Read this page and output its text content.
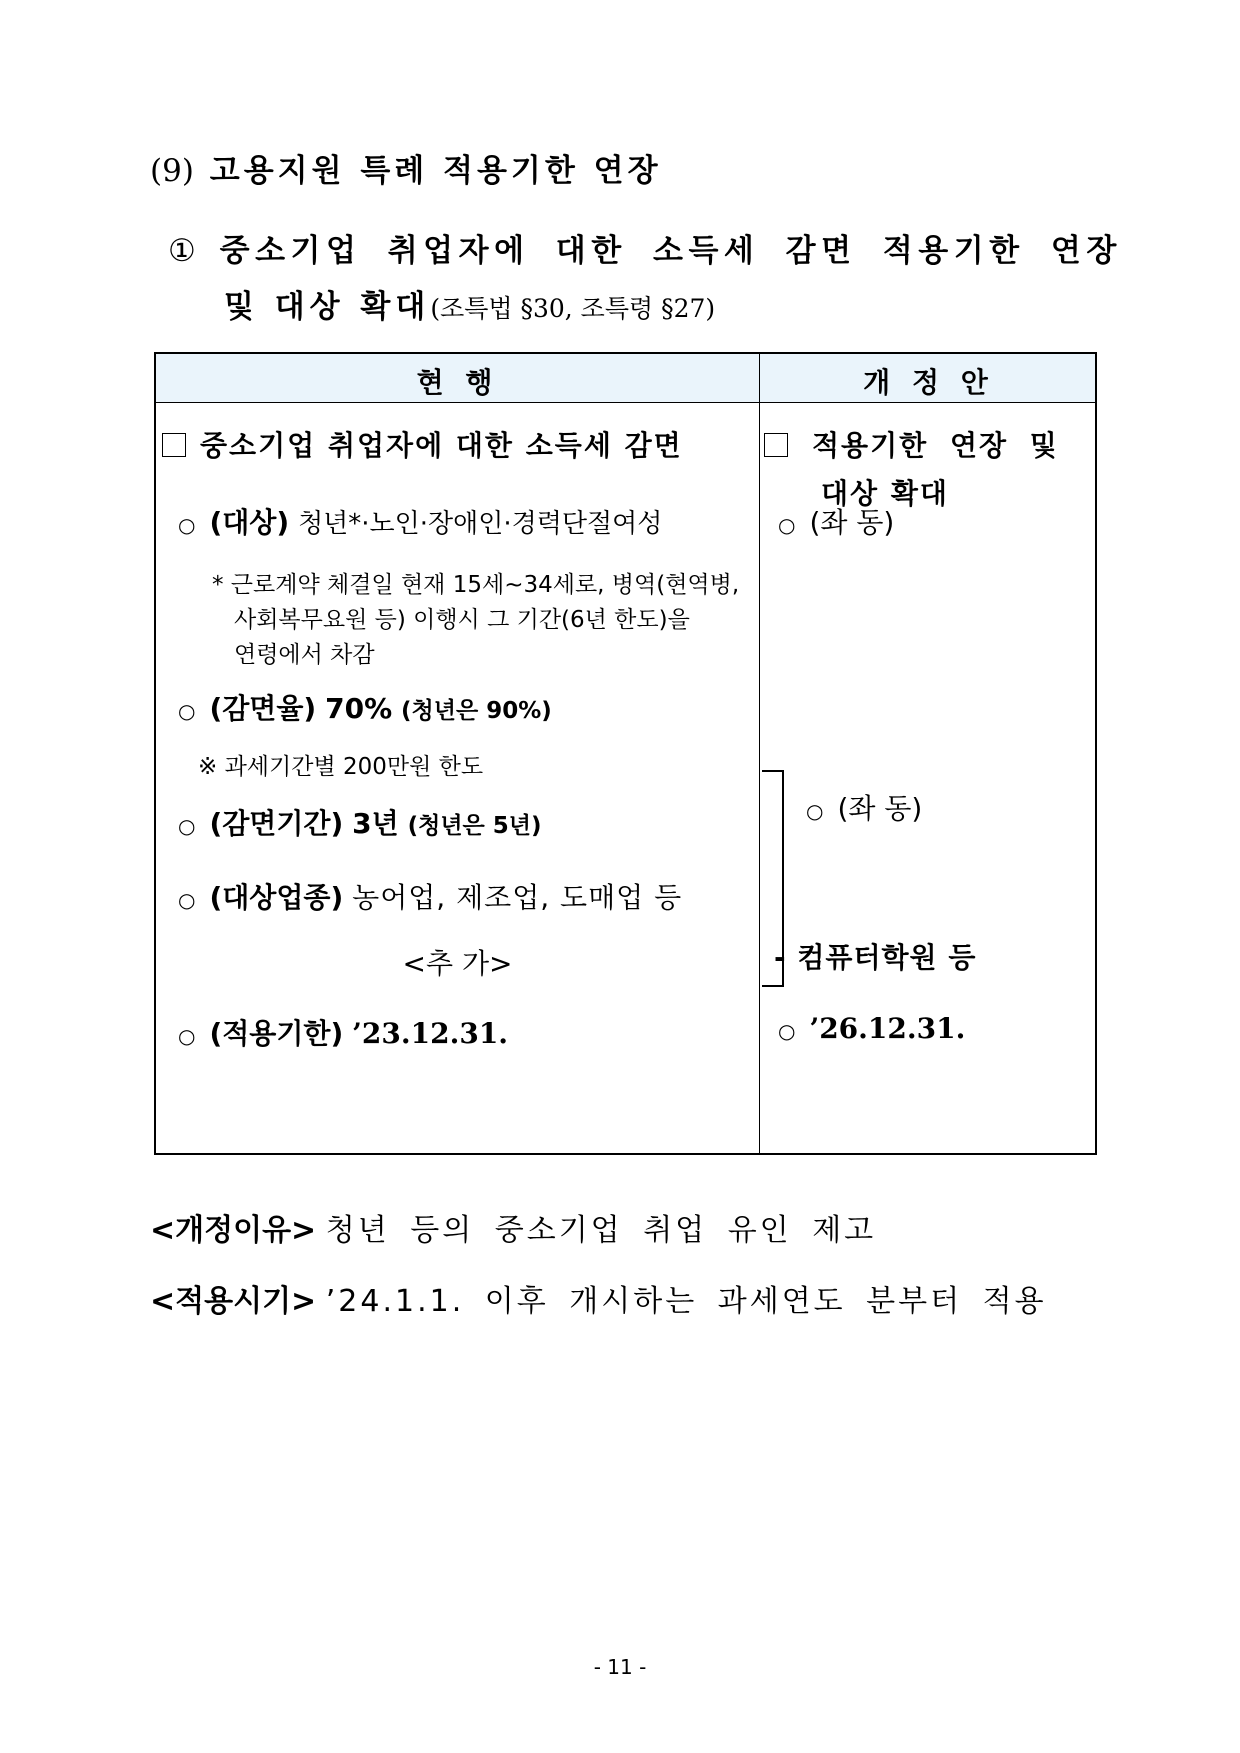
(9) 고용지원 특례 적용기한 연장
① 중소기업 취업자에 대한 소득세 감면 적용기한 연장
및 대상 확대(조특법 §30, 조특령 §27)
현 행	개 정 안
중소기업 취업자에 대한 소득세 감면
○ (대상) 청년*·노인·장애인·경력단절여성
* 근로계약 체결일 현재 15세~34세로, 병역(현역병,
사회복무요원 등) 이행시 그 기간(6년 한도)을
연령에서 차감
○ (감면율) 70% (청년은 90%)
※ 과세기간별 200만원 한도
○ (감면기간) 3년 (청년은 5년)
○ (대상업종) 농어업, 제조업, 도매업 등
<추 가>
○ (적용기한) ’23.12.31.
적용기한 연장 및
대상 확대
○ (좌 동)
○ (좌 동)
- 컴퓨터학원 등
○ ’26.12.31.
<개정이유> 청년 등의 중소기업 취업 유인 제고
<적용시기> ’24.1.1. 이후 개시하는 과세연도 분부터 적용
- 11 -
